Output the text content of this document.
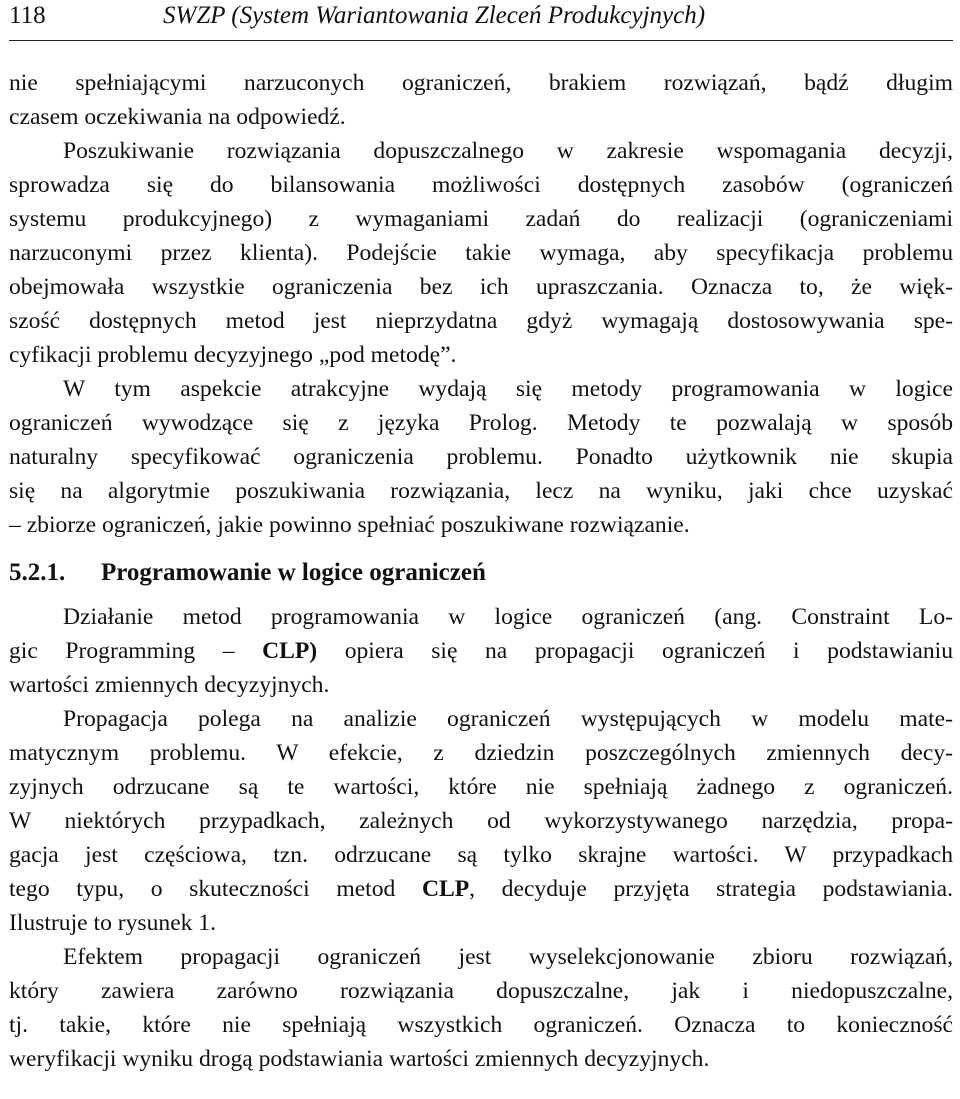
118	SWZP (System Wariantowania Zleceń Produkcyjnych)
nie spełniającymi narzuconych ograniczeń, brakiem rozwiązań, bądź długim
czasem oczekiwania na odpowiedź.
Poszukiwanie rozwiązania dopuszczalnego w zakresie wspomagania decyzji,
sprowadza się do bilansowania możliwości dostępnych zasobów (ograniczeń
systemu produkcyjnego) z wymaganiami zadań do realizacji (ograniczeniami
narzuconymi przez klienta). Podejście takie wymaga, aby specyfikacja problemu
obejmowała wszystkie ograniczenia bez ich upraszczania. Oznacza to, że więk-
szość dostępnych metod jest nieprzydatna gdyż wymagają dostosowywania spe-
cyfikacji problemu decyzyjnego „pod metodę”.
W tym aspekcie atrakcyjne wydają się metody programowania w logice
ograniczeń wywodzące się z języka Prolog. Metody te pozwalają w sposób
naturalny specyfikować ograniczenia problemu. Ponadto użytkownik nie skupia
się na algorytmie poszukiwania rozwiązania, lecz na wyniku, jaki chce uzyskać
– zbiorze ograniczeń, jakie powinno spełniać poszukiwane rozwiązanie.
5.2.1. Programowanie w logice ograniczeń
Działanie metod programowania w logice ograniczeń (ang. Constraint Lo-
gic Programming – CLP) opiera się na propagacji ograniczeń i podstawianiu
wartości zmiennych decyzyjnych.
Propagacja polega na analizie ograniczeń występujących w modelu mate-
matycznym problemu. W efekcie, z dziedzin poszczególnych zmiennych decy-
zyjnych odrzucane są te wartości, które nie spełniają żadnego z ograniczeń.
W niektórych przypadkach, zależnych od wykorzystywanego narzędzia, propa-
gacja jest częściowa, tzn. odrzucane są tylko skrajne wartości. W przypadkach
tego typu, o skuteczności metod CLP, decyduje przyjęta strategia podstawiania.
Ilustruje to rysunek 1.
Efektem propagacji ograniczeń jest wyselekcjonowanie zbioru rozwiązań,
który zawiera zarówno rozwiązania dopuszczalne, jak i niedopuszczalne,
tj. takie, które nie spełniają wszystkich ograniczeń. Oznacza to konieczność
weryfikacji wyniku drogą podstawiania wartości zmiennych decyzyjnych.
